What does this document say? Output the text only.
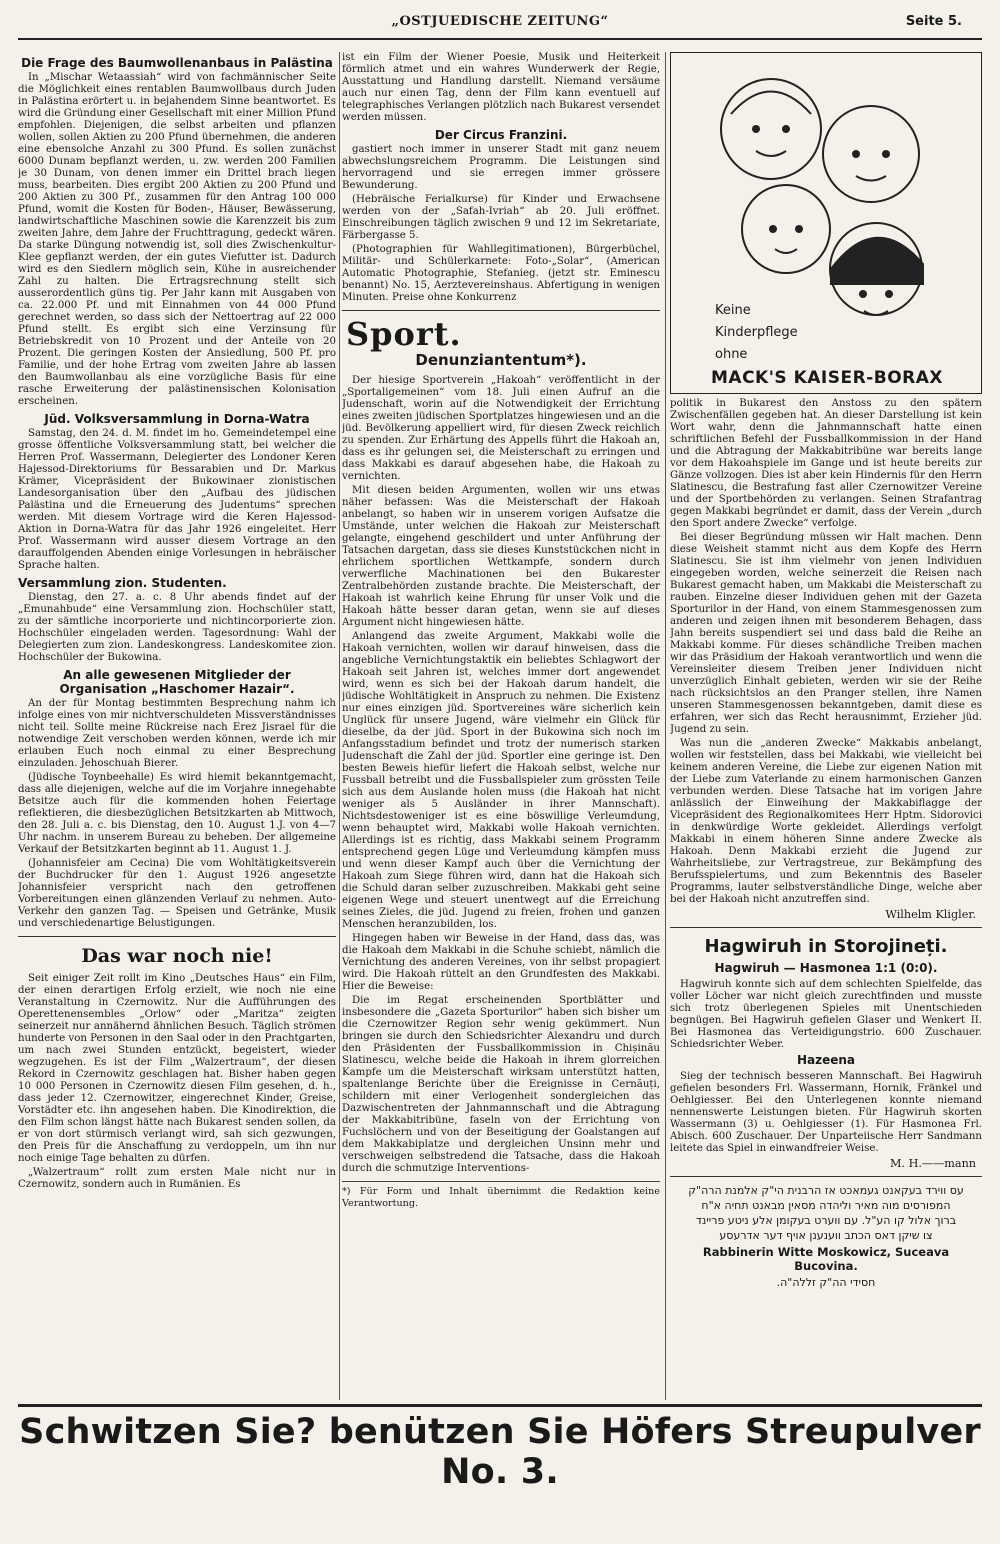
„OSTJUEDISCHE ZEITUNG“	Seite 5.
Die Frage des Baumwollenanbaus in Palästina

In „Mischar Wetaassiah“ wird von fachmännischer Seite die Möglichkeit eines rentablen Baumwollbaus durch Juden in Palästina erörtert u. in bejahendem Sinne beantwortet. Es wird die Gründung einer Gesellschaft mit einer Million Pfund empfohlen. Diejenigen, die selbst arbeiten und pflanzen wollen, sollen Aktien zu 200 Pfund übernehmen, die anderen eine ebensolche Anzahl zu 300 Pfund. Es sollen zunächst 6000 Dunam bepflanzt werden, u. zw. werden 200 Familien je 30 Dunam, von denen immer ein Drittel brach liegen muss, bearbeiten. Dies ergibt 200 Aktien zu 200 Pfund und 200 Aktien zu 300 Pf., zusammen für den Antrag 100 000 Pfund, womit die Kosten für Boden-, Häuser, Bewässerung, landwirtschaftliche Maschinen sowie die Karenzzeit bis zum zweiten Jahre, dem Jahre der Fruchttragung, gedeckt wären. Da starke Düngung notwendig ist, soll dies Zwischenkultur-Klee gepflanzt werden, der ein gutes Viefutter ist. Dadurch wird es den Siedlern möglich sein, Kühe in ausreichender Zahl zu halten. Die Ertragsrechnung stellt sich ausserordentlich güns tig. Per Jahr kann mit Ausgaben von ca. 22.000 Pf. und mit Einnahmen von 44 000 Pfund gerechnet werden, so dass sich der Nettoertrag auf 22 000 Pfund stellt. Es ergibt sich eine Verzinsung für Betriebskredit von 10 Prozent und der Anteile von 20 Prozent. Die geringen Kosten der Ansiedlung, 500 Pf. pro Familie, und der hohe Ertrag vom zweiten Jahre ab lassen den Baumwollanbau als eine vorzügliche Basis für eine rasche Erweiterung der palästinensischen Kolonisation erscheinen.

Jüd. Volksversammlung in Dorna-Watra

Samstag, den 24. d. M. findet im ho. Gemeindetempel eine grosse öffentliche Volksversammlung statt, bei welcher die Herren Prof. Wassermann, Delegierter des Londoner Keren Hajessod-Direktoriums für Bessarabien und Dr. Markus Krämer, Vicepräsident der Bukowinaer zionistischen Landesorganisation über den „Aufbau des jüdischen Palästina und die Erneuerung des Judentums“ sprechen werden. Mit diesem Vortrage wird die Keren Hajessod-Aktion in Dorna-Watra für das Jahr 1926 eingeleitet. Herr Prof. Wassermann wird ausser diesem Vortrage an den darauffolgenden Abenden einige Vorlesungen in hebräischer Sprache halten.

Versammlung zion. Studenten.

Dienstag, den 27. a. c. 8 Uhr abends findet auf der „Emunahbude“ eine Versammlung zion. Hochschüler statt, zu der sämtliche incorporierte und nichtincorporierte zion. Hochschüler eingeladen werden. Tagesordnung: Wahl der Delegierten zum zion. Landeskongress. Landeskomitee zion. Hochschüler der Bukowina.

An alle gewesenen Mitglieder der Organisation „Haschomer Hazair“.

An der für Montag bestimmten Besprechung nahm ich infolge eines von mir nichtverschuldeten Missverständnisses nicht teil. Sollte meine Rückreise nach Erez Jisrael für die notwendige Zeit verschoben werden können, werde ich mir erlauben Euch noch einmal zu einer Besprechung einzuladen. Jehoschuah Bierer.

(Jüdische Toynbeehalle) Es wird hiemit bekanntgemacht, dass alle diejenigen, welche auf die im Vorjahre innegehabte Betsitze auch für die kommenden hohen Feiertage reflektieren, die diesbezüglichen Betsitzkarten ab Mittwoch, den 28. Juli a. c. bis Dienstag, den 10. August 1.J. von 4—7 Uhr nachm. in unserem Bureau zu beheben. Der allgemeine Verkauf der Betsitzkarten beginnt ab 11. August 1. J.

(Johannisfeier am Cecina) Die vom Wohltätigkeitsverein der Buchdrucker für den 1. August 1926 angesetzte Johannisfeier verspricht nach den getroffenen Vorbereitungen einen glänzenden Verlauf zu nehmen. Auto-Verkehr den ganzen Tag. — Speisen und Getränke, Musik und verschiedenartige Belustigungen.

Das war noch nie!

Seit einiger Zeit rollt im Kino „Deutsches Haus“ ein Film, der einen derartigen Erfolg erzielt, wie noch nie eine Veranstaltung in Czernowitz. Nur die Aufführungen des Operettenensembles „Orlow“ oder „Maritza“ zeigten seinerzeit nur annähernd ähnlichen Besuch. Täglich strömen hunderte von Personen in den Saal oder in den Prachtgarten, um nach zwei Stunden entzückt, begeistert, wieder wegzugehen. Es ist der Film „Walzertraum“, der diesen Rekord in Czernowitz geschlagen hat. Bisher haben gegen 10 000 Personen in Czernowitz diesen Film gesehen, d. h., dass jeder 12. Czernowitzer, eingerechnet Kinder, Greise, Vorstädter etc. ihn angesehen haben. Die Kinodirektion, die den Film schon längst hätte nach Bukarest senden sollen, da er von dort stürmisch verlangt wird, sah sich gezwungen, den Preis für die Anschaffung zu verdoppeln, um ihn nur noch einige Tage behalten zu dürfen.

„Walzertraum“ rollt zum ersten Male nicht nur in Czernowitz, sondern auch in Rumänien. Es

ist ein Film der Wiener Poesie, Musik und Heiterkeit förmlich atmet und ein wahres Wunderwerk der Regie, Ausstattung und Handlung darstellt. Niemand versäume auch nur einen Tag, denn der Film kann eventuell auf telegraphisches Verlangen plötzlich nach Bukarest versendet werden müssen.

Der Circus Franzini.

gastiert noch immer in unserer Stadt mit ganz neuem abwechslungsreichem Programm. Die Leistungen sind hervorragend und sie erregen immer grössere Bewunderung.

(Hebräische Ferialkurse) für Kinder und Erwachsene werden von der „Safah-Ivriah“ ab 20. Juli eröffnet. Einschreibungen täglich zwischen 9 und 12 im Sekretariate, Färbergasse 5.

(Photographien für Wahllegitimationen), Bürgerbüchel, Militär- und Schülerkarnete: Foto-„Solar“, (American Automatic Photographie, Stefanieg. (jetzt str. Eminescu benannt) No. 15, Aerztevereinshaus. Abfertigung in wenigen Minuten. Preise ohne Konkurrenz

Sport.
Denunziantentum*).

Der hiesige Sportverein „Hakoah“ veröffentlicht in der „Sportaligemeinen“ vom 18. Juli einen Aufruf an die Judenschaft, worin auf die Notwendigkeit der Errichtung eines zweiten jüdischen Sportplatzes hingewiesen und an die jüd. Bevölkerung appelliert wird, für diesen Zweck reichlich zu spenden. Zur Erhärtung des Appells führt die Hakoah an, dass es ihr gelungen sei, die Meisterschaft zu erringen und dass Makkabi es darauf abgesehen habe, die Hakoah zu vernichten.

Mit diesen beiden Argumenten, wollen wir uns etwas näher befassen: Was die Meisterschaft der Hakoah anbelangt, so haben wir in unserem vorigen Aufsatze die Umstände, unter welchen die Hakoah zur Meisterschaft gelangte, eingehend geschildert und unter Anführung der Tatsachen dargetan, dass sie dieses Kunststückchen nicht in ehrlichem sportlichen Wettkampfe, sondern durch verwerfliche Machinationen bei den Bukarester Zentralbehörden zustande brachte. Die Meisterschaft, der Hakoah ist wahrlich keine Ehrung für unser Volk und die Hakoah hätte besser daran getan, wenn sie auf dieses Argument nicht hingewiesen hätte.

Anlangend das zweite Argument, Makkabi wolle die Hakoah vernichten, wollen wir darauf hinweisen, dass die angebliche Vernichtungstaktik ein beliebtes Schlagwort der Hakoah seit Jahren ist, welches immer dort angewendet wird, wenn es sich bei der Hakoah darum handelt, die jüdische Wohltätigkeit in Anspruch zu nehmen. Die Existenz nur eines einzigen jüd. Sportvereines wäre sicherlich kein Unglück für unsere Jugend, wäre vielmehr ein Glück für dieselbe, da der jüd. Sport in der Bukowina sich noch im Anfangsstadium befindet und trotz der numerisch starken Judenschaft die Zahl der jüd. Sportler eine geringe ist. Den besten Beweis hiefür liefert die Hakoah selbst, welche nur Fussball betreibt und die Fussballspieler zum grössten Teile sich aus dem Auslande holen muss (die Hakoah hat nicht weniger als 5 Ausländer in ihrer Mannschaft). Nichtsdestoweniger ist es eine böswillige Verleumdung, wenn behauptet wird, Makkabi wolle Hakoah vernichten. Allerdings ist es richtig, dass Makkabi seinem Programm entsprechend gegen Lüge und Verleumdung kämpfen muss und wenn dieser Kampf auch über die Vernichtung der Hakoah zum Siege führen wird, dann hat die Hakoah sich die Schuld daran selber zuzuschreiben. Makkabi geht seine eigenen Wege und steuert unentwegt auf die Erreichung seines Zieles, die jüd. Jugend zu freien, frohen und ganzen Menschen heranzubilden, los.

Hingegen haben wir Beweise in der Hand, dass das, was die Hakoah dem Makkabi in die Schuhe schiebt, nämlich die Vernichtung des anderen Vereines, von ihr selbst propagiert wird. Die Hakoah rüttelt an den Grundfesten des Makkabi. Hier die Beweise:

Die im Regat erscheinenden Sportblätter und insbesondere die „Gazeta Sporturilor“ haben sich bisher um die Czernowitzer Region sehr wenig gekümmert. Nun bringen sie durch den Schiedsrichter Alexandru und durch den Präsidenten der Fussballkommission in Chișinău Slatinescu, welche beide die Hakoah in ihrem glorreichen Kampfe um die Meisterschaft wirksam unterstützt hatten, spaltenlange Berichte über die Ereignisse in Cernăuți, schildern mit einer Verlogenheit sondergleichen das Dazwischentreten der Jahnmannschaft und die Abtragung der Makkabitribüne, faseln von der Errichtung von Fuchslöchern und von der Beseitigung der Goalstangen auf dem Makkabiplatze und dergleichen Unsinn mehr und verschweigen selbstredend die Tatsache, dass die Hakoah durch die schmutzige Interventions-

*) Für Form und Inhalt übernimmt die Redaktion keine Verantwortung.

Keine
Kinderpflege
ohne
MACK'S KAISER-BORAX

politik in Bukarest den Anstoss zu den spätern Zwischenfällen gegeben hat. An dieser Darstellung ist kein Wort wahr, denn die Jahnmannschaft hatte einen schriftlichen Befehl der Fussballkommission in der Hand und die Abtragung der Makkabitribüne war bereits lange vor dem Hakoahspiele im Gange und ist heute bereits zur Gänze vollzogen. Dies ist aber kein Hindernis für den Herrn Slatinescu, die Bestrafung fast aller Czernowitzer Vereine und der Sportbehörden zu verlangen. Seinen Strafantrag gegen Makkabi begründet er damit, dass der Verein „durch den Sport andere Zwecke“ verfolge.

Bei dieser Begründung müssen wir Halt machen. Denn diese Weisheit stammt nicht aus dem Kopfe des Herrn Slatinescu. Sie ist ihm vielmehr von jenen Individuen eingegeben worden, welche seinerzeit die Reisen nach Bukarest gemacht haben, um Makkabi die Meisterschaft zu rauben. Einzelne dieser Individuen gehen mit der Gazeta Sporturilor in der Hand, von einem Stammesgenossen zum anderen und zeigen ihnen mit besonderem Behagen, dass Jahn bereits suspendiert sei und dass bald die Reihe an Makkabi komme. Für dieses schändliche Treiben machen wir das Präsidium der Hakoah verantwortlich und wenn die Vereinsleiter diesem Treiben jener Individuen nicht unverzüglich Einhalt gebieten, werden wir sie der Reihe nach rücksichtslos an den Pranger stellen, ihre Namen unseren Stammesgenossen bekanntgeben, damit diese es erfahren, wer sich das Recht herausnimmt, Erzieher jüd. Jugend zu sein.

Was nun die „anderen Zwecke“ Makkabis anbelangt, wollen wir feststellen, dass bei Makkabi, wie vielleicht bei keinem anderen Vereine, die Liebe zur eigenen Nation mit der Liebe zum Vaterlande zu einem harmonischen Ganzen verbunden werden. Diese Tatsache hat im vorigen Jahre anlässlich der Einweihung der Makkabiflagge der Vicepräsident des Regionalkomitees Herr Hptm. Sidorovici in denkwürdige Worte gekleidet. Allerdings verfolgt Makkabi in einem höheren Sinne andere Zwecke als Hakoah. Denn Makkabi erzieht die Jugend zur Wahrheitsliebe, zur Vertragstreue, zur Bekämpfung des Berufsspielertums, und zum Bekenntnis des Baseler Programms, lauter selbstverständliche Dinge, welche aber bei der Hakoah nicht anzutreffen sind.

Wilhelm Kligler.
Hagwiruh in Storojineți.
Hagwiruh — Hasmonea 1:1 (0:0).

Hagwiruh konnte sich auf dem schlechten Spielfelde, das voller Löcher war nicht gleich zurechtfinden und musste sich trotz überlegenen Spieles mit Unentschieden begnügen. Bei Hagwiruh gefielen Glaser und Wenkert II. Bei Hasmonea das Verteidigungstrio. 600 Zuschauer. Schiedsrichter Weber.

Hazeena

Sieg der technisch besseren Mannschaft. Bei Hagwiruh gefielen besonders Frl. Wassermann, Hornik, Fränkel und Oehlgiesser. Bei den Unterlegenen konnte niemand nennenswerte Leistungen bieten. Für Hagwiruh skorten Wassermann (3) u. Oehlgiesser (1). Für Hasmonea Frl. Abisch. 600 Zuschauer. Der Unparteiische Herr Sandmann leitete das Spiel in einwandfreier Weise.

M. H.——mann

עס ווירד בעקאנט געמאכט אז הרבנית הי"ק אלמנת הרה"ק

המפורסים מוה מאיר וליהדה מסאין מבאנט תחיה א"ח

ברוך אלול קו הע"ל. עם ווערט בעקומן אלע ניטע פריינד

צו שיקן דאס הכתב ווענענן אויף דער אדרעסע

Rabbinerin Witte Moskowicz, Suceava Bucovina.

חסידי הה"ק זללה"ה.

Schwitzen Sie? benützen Sie Höfers Streupulver No. 3.
